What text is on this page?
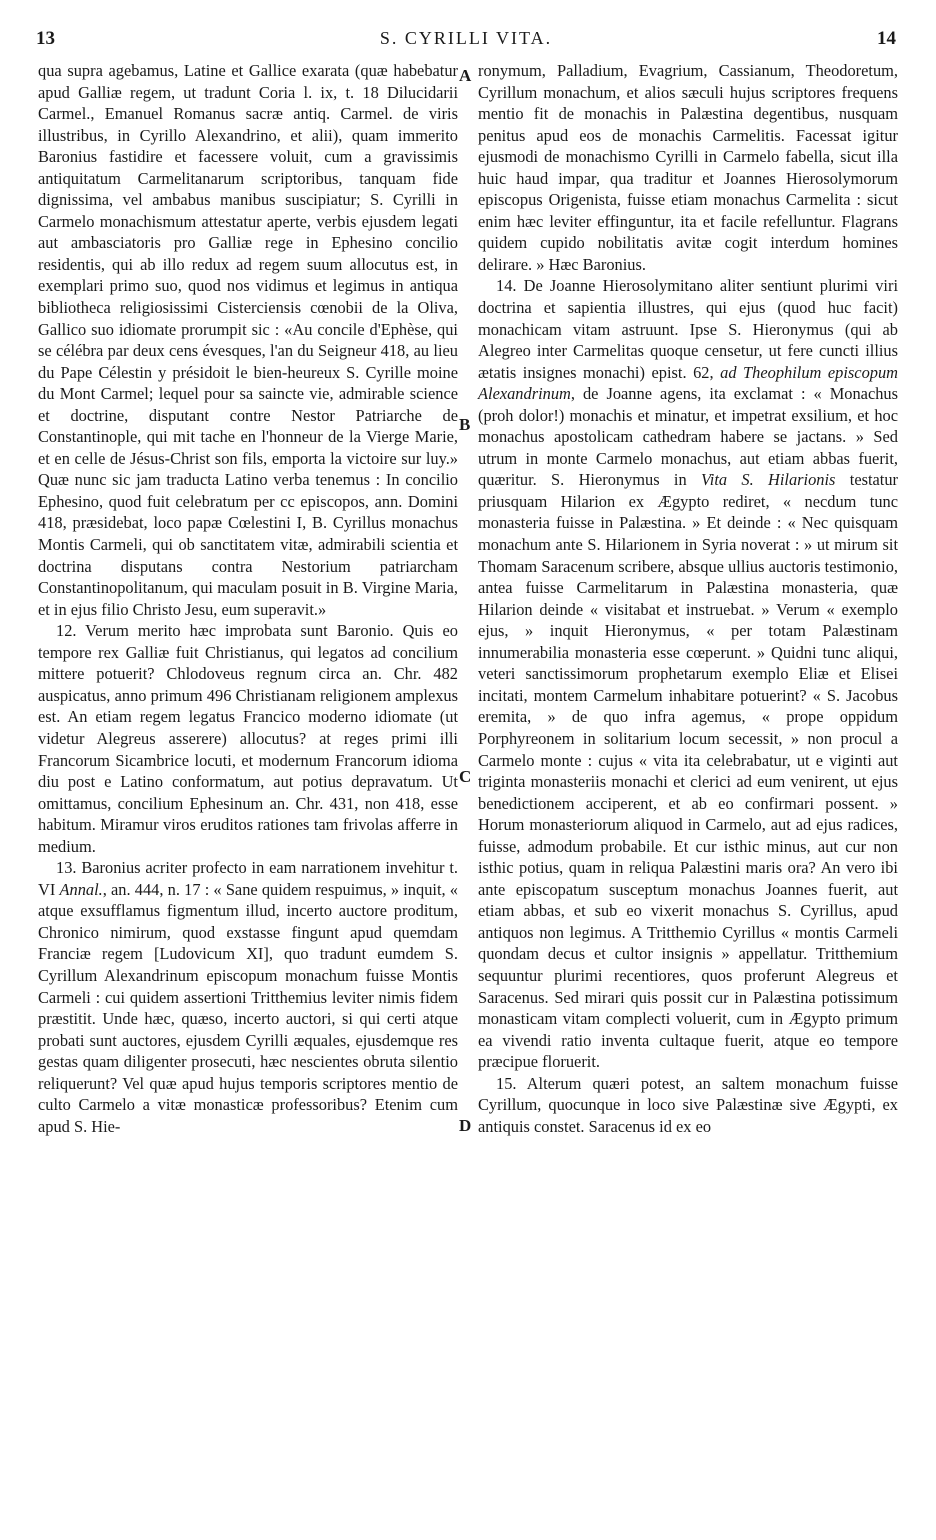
13	S. CYRILLI VITA.	14

qua supra agebamus, Latine et Gallice exarata (quæ habebatur apud Galliæ regem, ut tradunt Coria l. ix, t. 18 Dilucidarii Carmel., Emanuel Romanus sacræ antiq. Carmel. de viris illustribus, in Cyrillo Alexandrino, et alii), quam immerito Baronius fastidire et facessere voluit, cum a gravissimis antiquitatum Carmelitanarum scriptoribus, tanquam fide dignissima, vel ambabus manibus suscipiatur; S. Cyrilli in Carmelo monachismum attestatur aperte, verbis ejusdem legati aut ambasciatoris pro Galliæ rege in Ephesino concilio residentis, qui ab illo redux ad regem suum allocutus est, in exemplari primo suo, quod nos vidimus et legimus in antiqua bibliotheca religiosissimi Cisterciensis cœnobii de la Oliva, Gallico suo idiomate prorumpit sic : «Au concile d'Ephèse, qui se célébra par deux cens évesques, l'an du Seigneur 418, au lieu du Pape Célestin y présidoit le bien-heureux S. Cyrille moine du Mont Carmel; lequel pour sa saincte vie, admirable science et doctrine, disputant contre Nestor Patriarche de Constantinople, qui mit tache en l'honneur de la Vierge Marie, et en celle de Jésus-Christ son fils, emporta la victoire sur luy.» Quæ nunc sic jam traducta Latino verba tenemus : In concilio Ephesino, quod fuit celebratum per cc episcopos, ann. Domini 418, præsidebat, loco papæ Cœlestini I, B. Cyrillus monachus Montis Carmeli, qui ob sanctitatem vitæ, admirabili scientia et doctrina disputans contra Nestorium patriarcham Constantinopolitanum, qui maculam posuit in B. Virgine Maria, et in ejus filio Christo Jesu, eum superavit.»

12. Verum merito hæc improbata sunt Baronio. Quis eo tempore rex Galliæ fuit Christianus, qui legatos ad concilium mittere potuerit? Chlodoveus regnum circa an. Chr. 482 auspicatus, anno primum 496 Christianam religionem amplexus est. An etiam regem legatus Francico moderno idiomate (ut videtur Alegreus asserere) allocutus? at reges primi illi Francorum Sicambrice locuti, et modernum Francorum idioma diu post e Latino conformatum, aut potius depravatum. Ut omittamus, concilium Ephesinum an. Chr. 431, non 418, esse habitum. Miramur viros eruditos rationes tam frivolas afferre in medium.

13. Baronius acriter profecto in eam narrationem invehitur t. VI Annal., an. 444, n. 17 : « Sane quidem respuimus, » inquit, « atque exsufflamus figmentum illud, incerto auctore proditum, Chronico nimirum, quod exstasse fingunt apud quemdam Franciæ regem [Ludovicum XI], quo tradunt eumdem S. Cyrillum Alexandrinum episcopum monachum fuisse Montis Carmeli : cui quidem assertioni Tritthemius leviter nimis fidem præstitit. Unde hæc, quæso, incerto auctori, si qui certi atque probati sunt auctores, ejusdem Cyrilli æquales, ejusdemque res gestas quam diligenter prosecuti, hæc nescientes obruta silentio reliquerunt? Vel quæ apud hujus temporis scriptores mentio de culto Carmelo a vitæ monasticæ professoribus? Etenim cum apud S. Hie-

A
B
C
D

ronymum, Palladium, Evagrium, Cassianum, Theodoretum, Cyrillum monachum, et alios sæculi hujus scriptores frequens mentio fit de monachis in Palæstina degentibus, nusquam penitus apud eos de monachis Carmelitis. Facessat igitur ejusmodi de monachismo Cyrilli in Carmelo fabella, sicut illa huic haud impar, qua traditur et Joannes Hierosolymorum episcopus Origenista, fuisse etiam monachus Carmelita : sicut enim hæc leviter effinguntur, ita et facile refelluntur. Flagrans quidem cupido nobilitatis avitæ cogit interdum homines delirare. » Hæc Baronius.

14. De Joanne Hierosolymitano aliter sentiunt plurimi viri doctrina et sapientia illustres, qui ejus (quod huc facit) monachicam vitam astruunt. Ipse S. Hieronymus (qui ab Alegreo inter Carmelitas quoque censetur, ut fere cuncti illius ætatis insignes monachi) epist. 62, ad Theophilum episcopum Alexandrinum, de Joanne agens, ita exclamat : « Monachus (proh dolor!) monachis et minatur, et impetrat exsilium, et hoc monachus apostolicam cathedram habere se jactans. » Sed utrum in monte Carmelo monachus, aut etiam abbas fuerit, quæritur. S. Hieronymus in Vita S. Hilarionis testatur priusquam Hilarion ex Ægypto rediret, « necdum tunc monasteria fuisse in Palæstina. » Et deinde : « Nec quisquam monachum ante S. Hilarionem in Syria noverat : » ut mirum sit Thomam Saracenum scribere, absque ullius auctoris testimonio, antea fuisse Carmelitarum in Palæstina monasteria, quæ Hilarion deinde « visitabat et instruebat. » Verum « exemplo ejus, » inquit Hieronymus, « per totam Palæstinam innumerabilia monasteria esse cœperunt. » Quidni tunc aliqui, veteri sanctissimorum prophetarum exemplo Eliæ et Elisei incitati, montem Carmelum inhabitare potuerint? « S. Jacobus eremita, » de quo infra agemus, « prope oppidum Porphyreonem in solitarium locum secessit, » non procul a Carmelo monte : cujus « vita ita celebrabatur, ut e viginti aut triginta monasteriis monachi et clerici ad eum venirent, ut ejus benedictionem acciperent, et ab eo confirmari possent. » Horum monasteriorum aliquod in Carmelo, aut ad ejus radices, fuisse, admodum probabile. Et cur isthic minus, aut cur non isthic potius, quam in reliqua Palæstini maris ora? An vero ibi ante episcopatum susceptum monachus Joannes fuerit, aut etiam abbas, et sub eo vixerit monachus S. Cyrillus, apud antiquos non legimus. A Tritthemio Cyrillus « montis Carmeli quondam decus et cultor insignis » appellatur. Tritthemium sequuntur plurimi recentiores, quos proferunt Alegreus et Saracenus. Sed mirari quis possit cur in Palæstina potissimum monasticam vitam complecti voluerit, cum in Ægypto primum ea vivendi ratio inventa cultaque fuerit, atque eo tempore præcipue floruerit.

15. Alterum quæri potest, an saltem monachum fuisse Cyrillum, quocunque in loco sive Palæstinæ sive Ægypti, ex antiquis constet. Saracenus id ex eo
